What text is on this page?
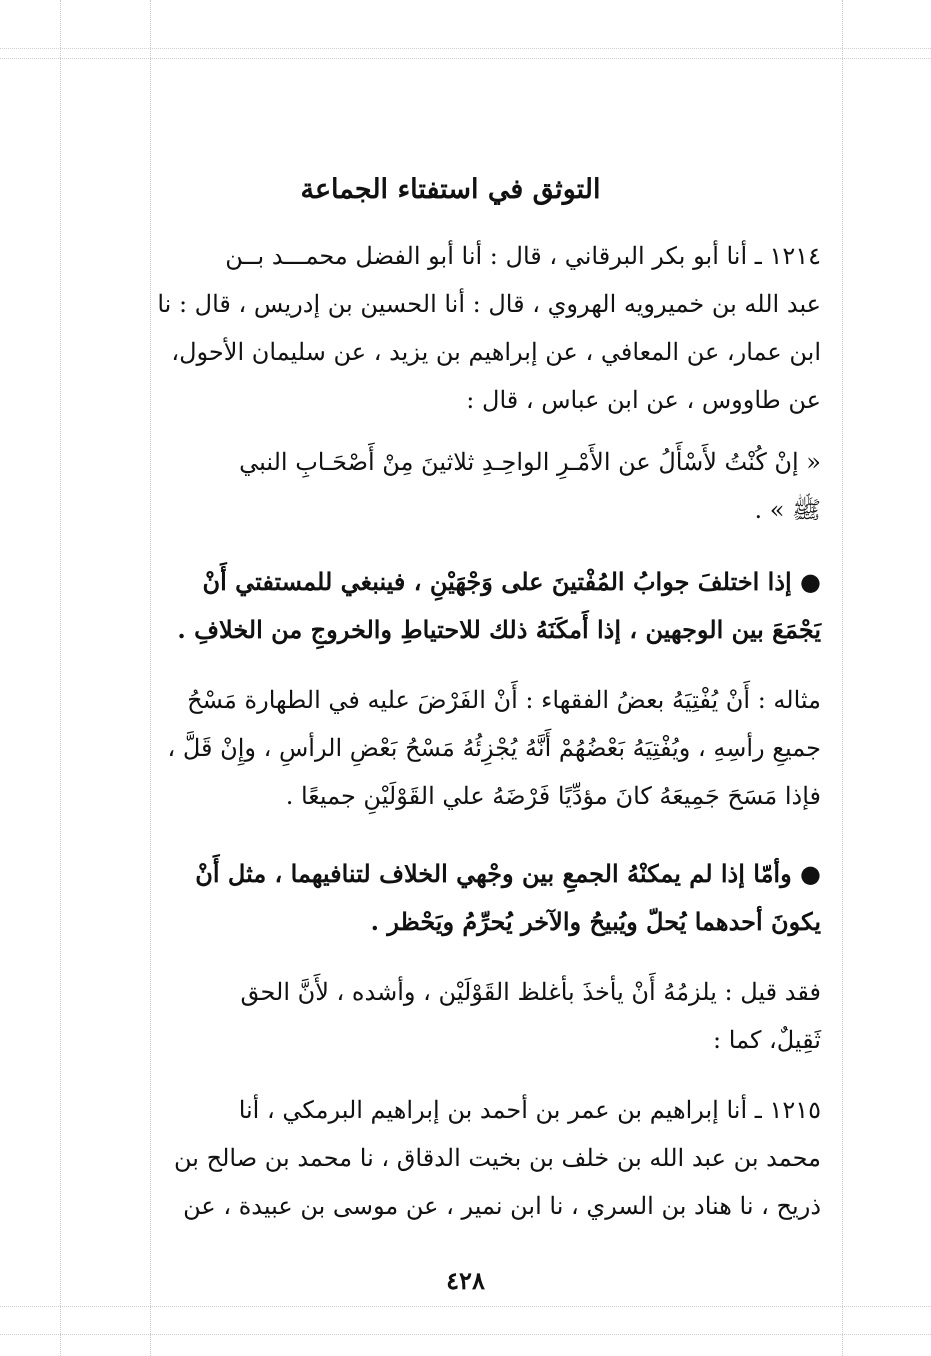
التوثق في استفتاء الجماعة
١٢١٤ ـ أنا أبو بكر البرقاني ، قال : أنا أبو الفضل محمـــد بــن
عبد الله بن خميرويه الهروي ، قال : أنا الحسين بن إدريس ، قال : نا
ابن عمار، عن المعافي ، عن إبراهيم بن يزيد ، عن سليمان الأحول،
عن طاووس ، عن ابن عباس ، قال :
« إنْ كُنْتُ لأَسْأَلُ عن الأَمْـرِ الواحِـدِ ثلاثينَ مِنْ أَصْحَـابِ النبي
ﷺ » .
● إذا اختلفَ جوابُ المُفْتينَ على وَجْهَيْنِ ، فينبغي للمستفتي أَنْ
يَجْمَعَ بين الوجهين ، إذا أَمكَنَهُ ذلك للاحتياطِ والخروجِ من الخلافِ .
مثاله : أَنْ يُفْتِيَهُ بعضُ الفقهاء : أَنْ الفَرْضَ عليه في الطهارة مَسْحُ
جميعِ رأسِهِ ، ويُفْتِيَهُ بَعْضُهُمْ أَنَّهُ يُجْزِئُهُ مَسْحُ بَعْضِ الرأسِ ، وإِنْ قَلَّ ،
فإذا مَسَحَ جَمِيعَهُ كانَ مؤدِّيًا فَرْضَهُ علي القَوْلَيْنِ جميعًا .
● وأمّا إذا لم يمكنْهُ الجمعِ بين وجْهي الخلاف لتنافيهما ، مثل أَنْ
يكونَ أحدهما يُحلّ ويُبيحُ والآخر يُحرِّمُ ويَحْظر .
فقد قيل : يلزمُهُ أَنْ يأخذَ بأغلظ القَوْلَيْن ، وأشده ، لأَنَّ الحق
ثَقِيلٌ، كما :
١٢١٥ ـ أنا إبراهيم بن عمر بن أحمد بن إبراهيم البرمكي ، أنا
محمد بن عبد الله بن خلف بن بخيت الدقاق ، نا محمد بن صالح بن
ذريح ، نا هناد بن السري ، نا ابن نمير ، عن موسى بن عبيدة ، عن
٤٢٨
